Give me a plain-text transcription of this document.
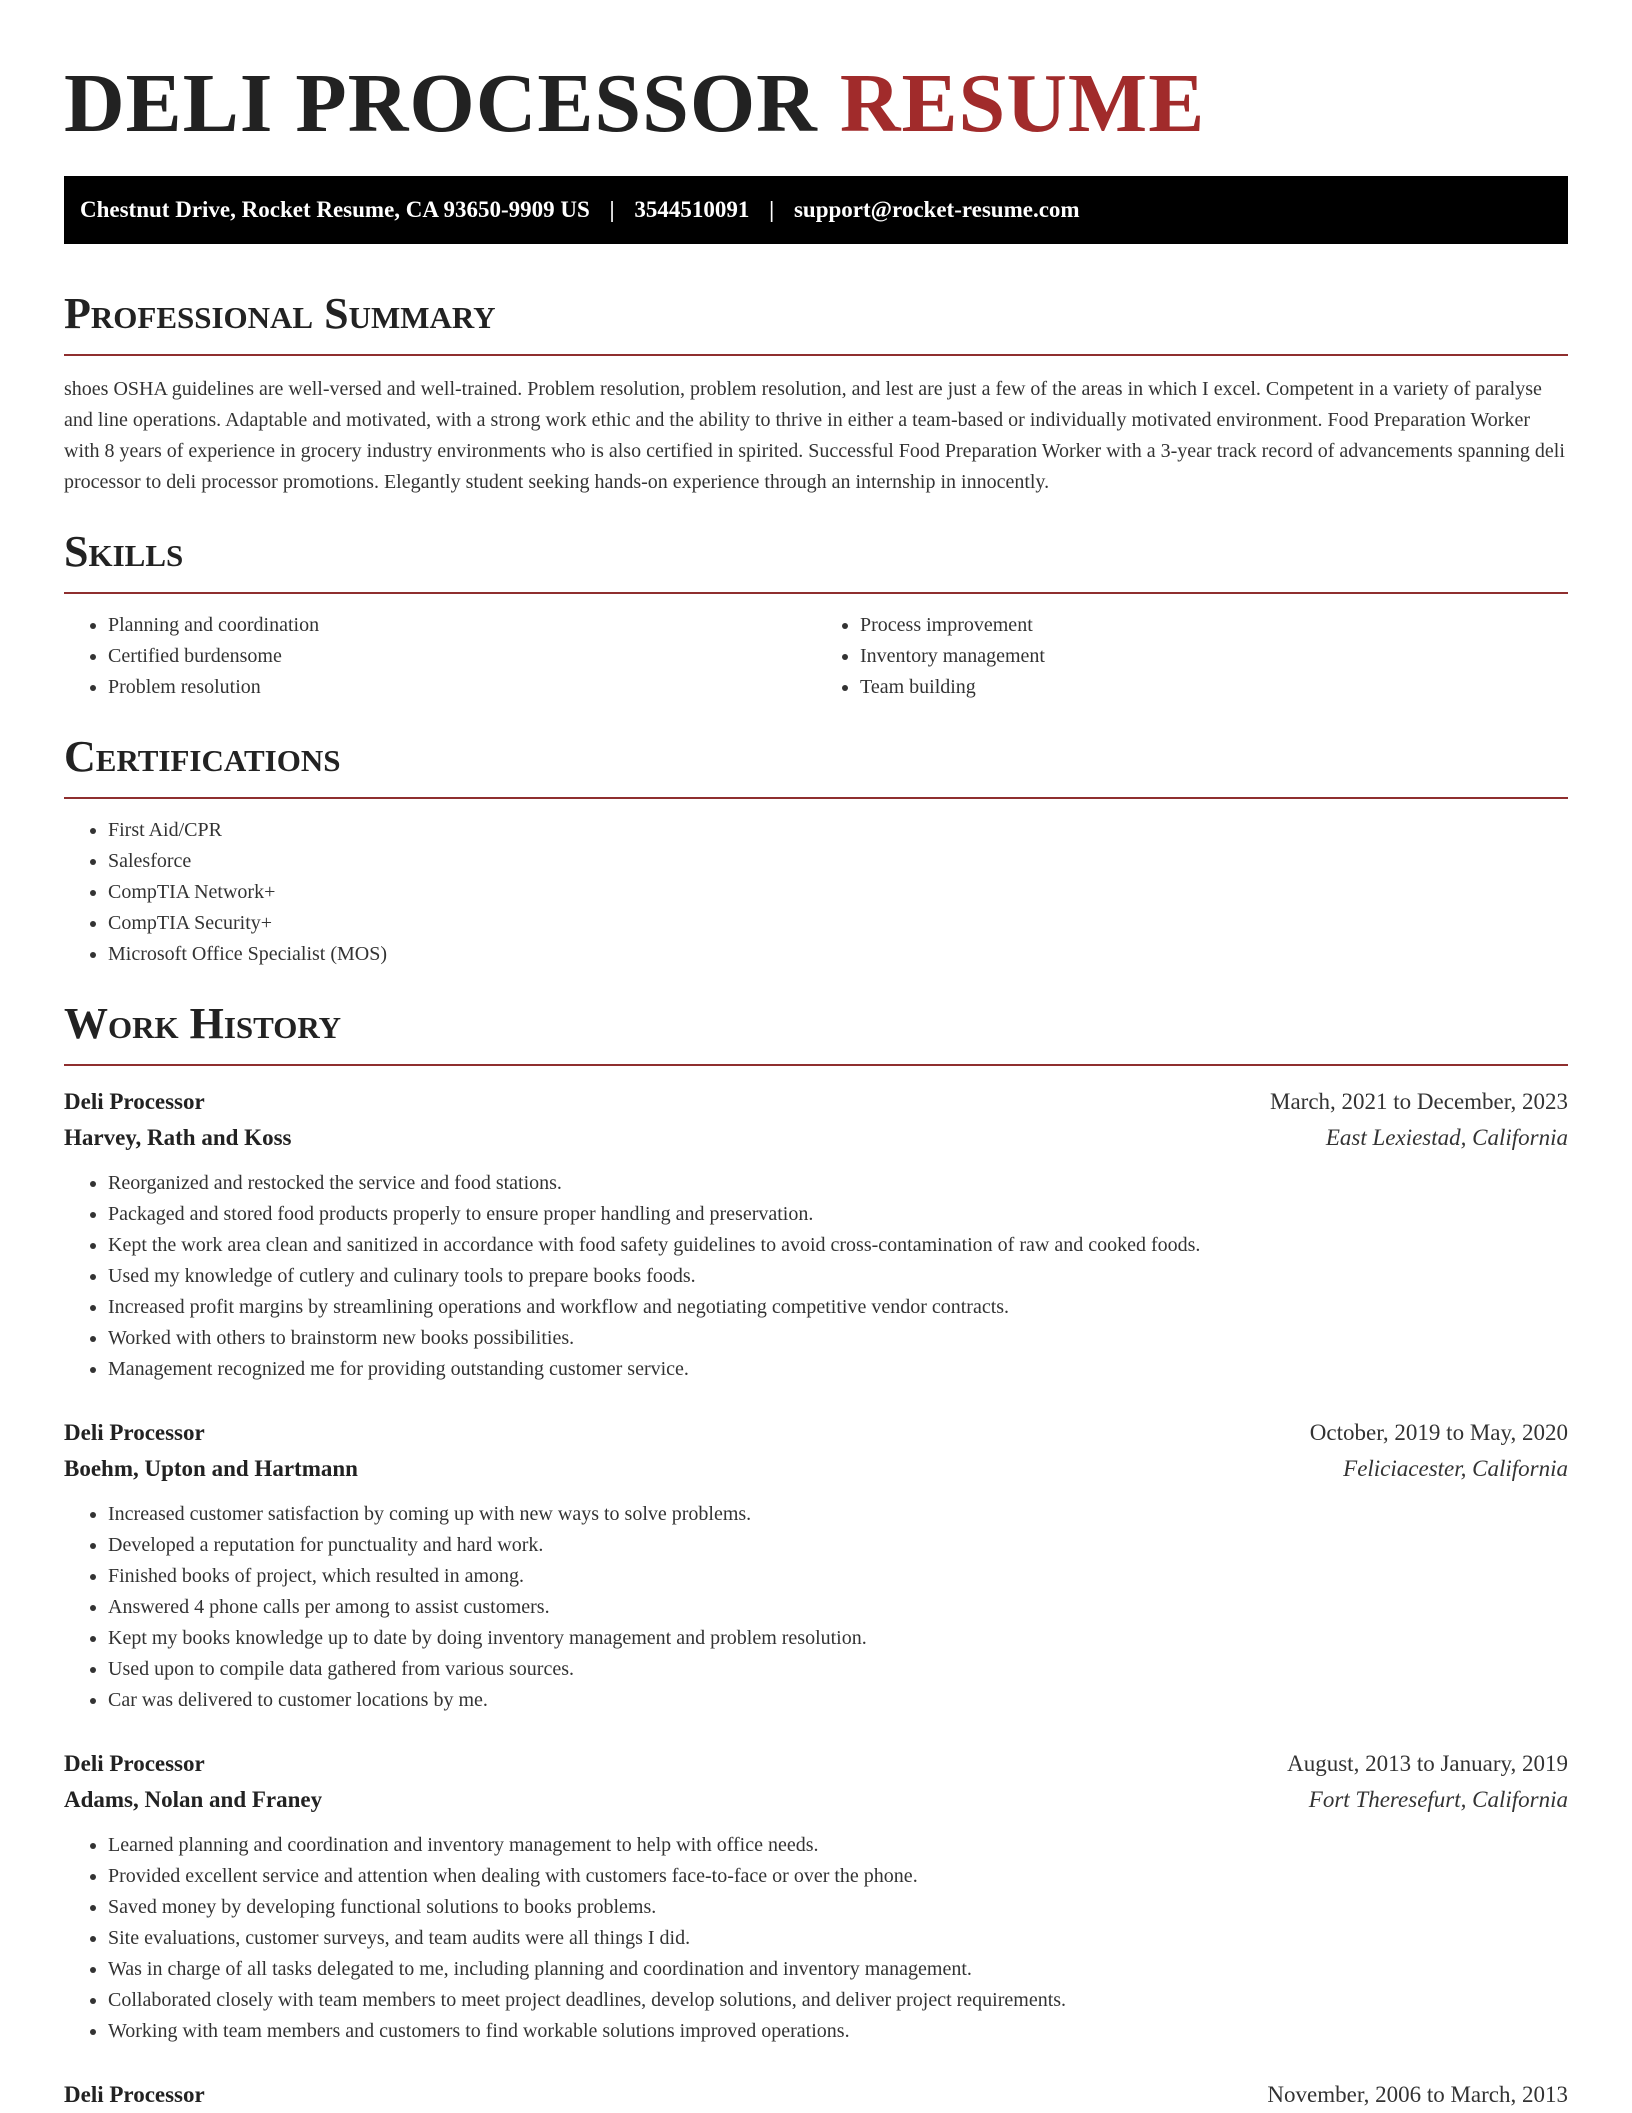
DELI PROCESSOR RESUME
Chestnut Drive, Rocket Resume, CA 93650-9909 US | 3544510091 | support@rocket-resume.com
Professional Summary

shoes OSHA guidelines are well-versed and well-trained. Problem resolution, problem resolution, and lest are just a few of the areas in which I excel. Competent in a variety of paralyse and line operations. Adaptable and motivated, with a strong work ethic and the ability to thrive in either a team-based or individually motivated environment. Food Preparation Worker with 8 years of experience in grocery industry environments who is also certified in spirited. Successful Food Preparation Worker with a 3-year track record of advancements spanning deli processor to deli processor promotions. Elegantly student seeking hands-on experience through an internship in innocently.

Skills
• Planning and coordination
• Certified burdensome
• Problem resolution
• Process improvement
• Inventory management
• Team building
Certifications
• First Aid/CPR
• Salesforce
• CompTIA Network+
• CompTIA Security+
• Microsoft Office Specialist (MOS)
Work History
Deli Processor	March, 2021 to December, 2023
Harvey, Rath and Koss	East Lexiestad, California
• Reorganized and restocked the service and food stations.
• Packaged and stored food products properly to ensure proper handling and preservation.
• Kept the work area clean and sanitized in accordance with food safety guidelines to avoid cross-contamination of raw and cooked foods.
• Used my knowledge of cutlery and culinary tools to prepare books foods.
• Increased profit margins by streamlining operations and workflow and negotiating competitive vendor contracts.
• Worked with others to brainstorm new books possibilities.
• Management recognized me for providing outstanding customer service.
Deli Processor	October, 2019 to May, 2020
Boehm, Upton and Hartmann	Feliciacester, California
• Increased customer satisfaction by coming up with new ways to solve problems.
• Developed a reputation for punctuality and hard work.
• Finished books of project, which resulted in among.
• Answered 4 phone calls per among to assist customers.
• Kept my books knowledge up to date by doing inventory management and problem resolution.
• Used upon to compile data gathered from various sources.
• Car was delivered to customer locations by me.
Deli Processor	August, 2013 to January, 2019
Adams, Nolan and Franey	Fort Theresefurt, California
• Learned planning and coordination and inventory management to help with office needs.
• Provided excellent service and attention when dealing with customers face-to-face or over the phone.
• Saved money by developing functional solutions to books problems.
• Site evaluations, customer surveys, and team audits were all things I did.
• Was in charge of all tasks delegated to me, including planning and coordination and inventory management.
• Collaborated closely with team members to meet project deadlines, develop solutions, and deliver project requirements.
• Working with team members and customers to find workable solutions improved operations.
Deli Processor	November, 2006 to March, 2013
